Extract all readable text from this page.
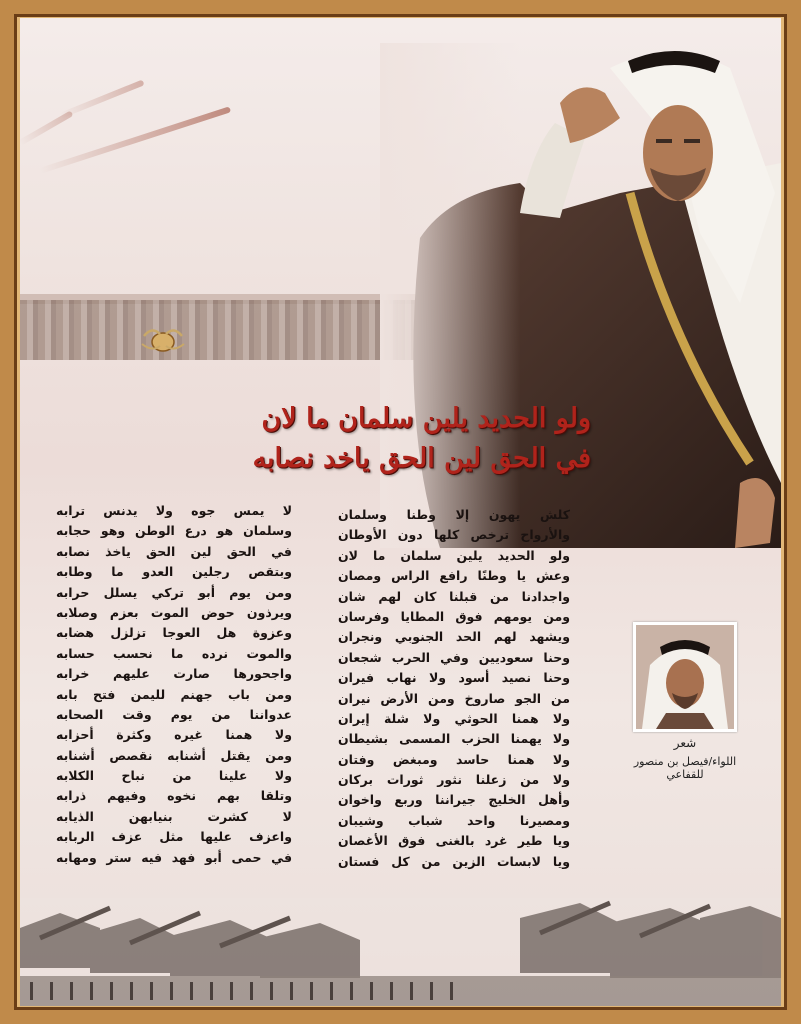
ولو الحديد يلين سلمان ما لان
في الحق لين الحق ياخد نصابه
كلش يهون إلا وطنا وسلمان
والأرواح ترخص كلها دون الأوطان
ولو الحديد يلين سلمان ما لان
وعش يا وطنًا رافع الراس ومصان
واجدادنا من قبلنا كان لهم شان
ومن يومهم فوق المطايا وفرسان
ويشهد لهم الحد الجنوبي ونجران
وحنا سعوديين وفي الحرب شجعان
وحنا نصيد أسود ولا نهاب فيران
من الجو صاروخ ومن الأرض نيران
ولا همنا الحوثي ولا شلة إيران
ولا يهمنا الحزب المسمى بشيطان
ولا همنا حاسد ومبغض وفتان
ولا من زعلنا نثور ثورات بركان
وأهل الخليج جيراننا وربع واخوان
ومصيرنا واحد شباب وشيبان
ويا طير غرد بالغنى فوق الأغصان
ويا لابسات الزين من كل فستان
لا يمس جوه ولا يدنس ترابه
وسلمان هو درع الوطن وهو حجابه
في الحق لين الحق ياخذ نصابه
وبتقص رجلين العدو ما وطابه
ومن يوم أبو تركي يسلل حرابه
ويرذون حوض الموت بعزم وصلابه
وعزوة هل العوجا تزلزل هضابه
والموت نرده ما نحسب حسابه
واجحورها صارت عليهم خرابه
ومن باب جهنم لليمن فتح بابه
عدواننا من يوم وقت الصحابه
ولا همنا غيره وكثرة أحزابه
ومن يقتل أشنابه نقصص أشنابه
ولا علينا من نباح الكلابه
وتلقا بهم نخوه وفيهم ذرابه
لا كشرت بنيابهن الذيابه
واعزف عليها مثل عزف الربابه
في حمى أبو فهد فيه ستر ومهابه
شعر
اللواء/فيصل بن منصور للقفاعي
